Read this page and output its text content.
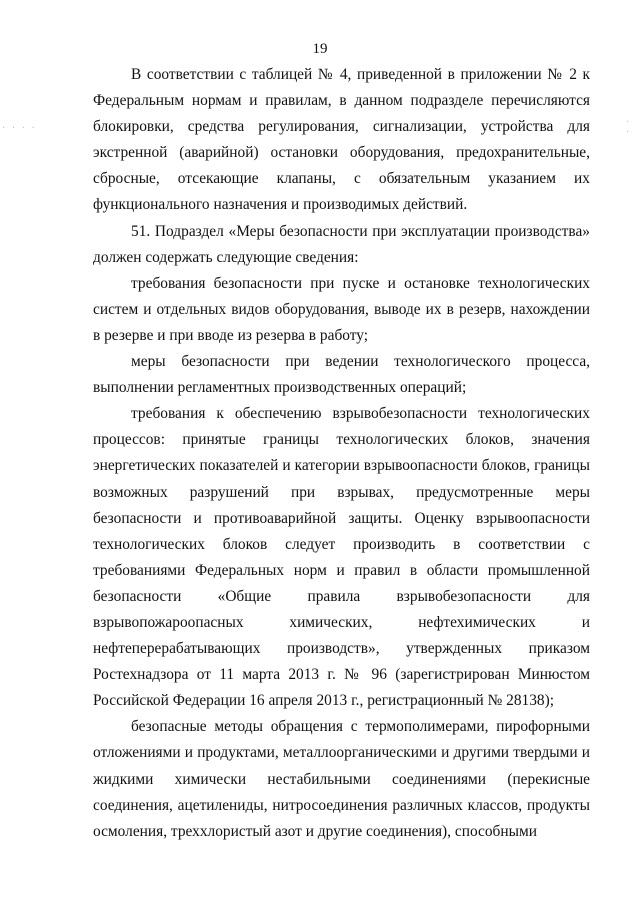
19
· · · ·
·
·

В соответствии с таблицей № 4, приведенной в приложении № 2 к Федеральным нормам и правилам, в данном подразделе перечисляются блокировки, средства регулирования, сигнализации, устройства для экстренной (аварийной) остановки оборудования, предохранительные, сбросные, отсекающие клапаны, с обязательным указанием их функционального назначения и производимых действий.

51. Подраздел «Меры безопасности при эксплуатации производства» должен содержать следующие сведения:

требования безопасности при пуске и остановке технологических систем и отдельных видов оборудования, выводе их в резерв, нахождении в резерве и при вводе из резерва в работу;

меры безопасности при ведении технологического процесса, выполнении регламентных производственных операций;

требования к обеспечению взрывобезопасности технологических процессов: принятые границы технологических блоков, значения энергетических показателей и категории взрывоопасности блоков, границы возможных разрушений при взрывах, предусмотренные меры безопасности и противоаварийной защиты. Оценку взрывоопасности технологических блоков следует производить в соответствии с требованиями Федеральных норм и правил в области промышленной безопасности «Общие правила взрывобезопасности для взрывопожароопасных химических, нефтехимических и нефтеперерабатывающих производств», утвержденных приказом Ростехнадзора от 11 марта 2013 г. № 96 (зарегистрирован Минюстом Российской Федерации 16 апреля 2013 г., регистрационный № 28138);

безопасные методы обращения с термополимерами, пирофорными отложениями и продуктами, металлоорганическими и другими твердыми и жидкими химически нестабильными соединениями (перекисные соединения, ацетилениды, нитросоединения различных классов, продукты осмоления, треххлористый азот и другие соединения), способными
